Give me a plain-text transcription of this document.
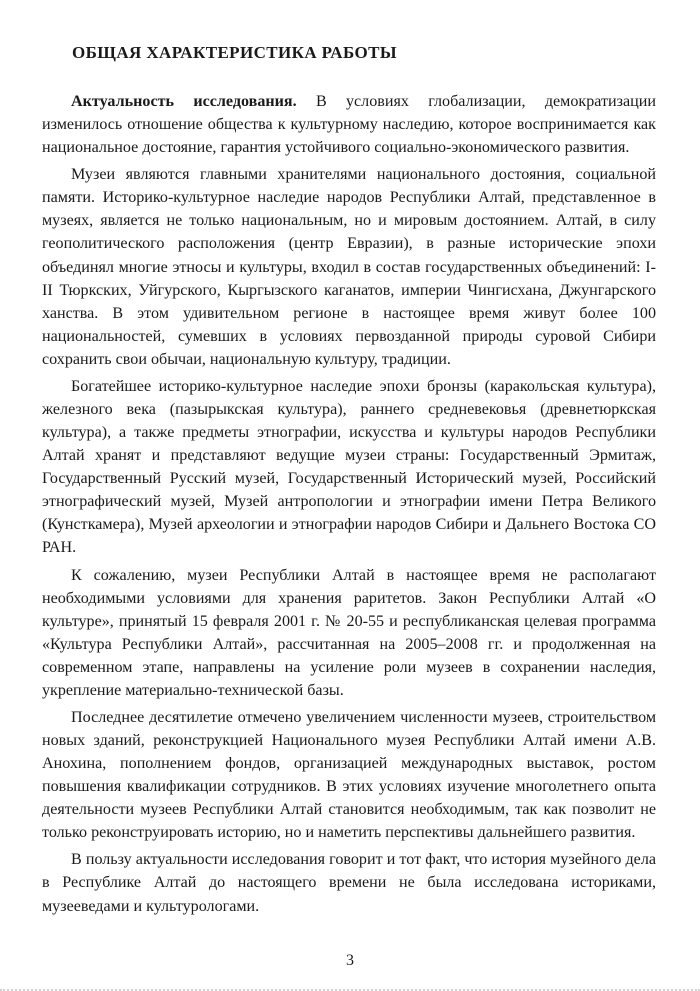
ОБЩАЯ ХАРАКТЕРИСТИКА РАБОТЫ

Актуальность исследования. В условиях глобализации, демократизации изменилось отношение общества к культурному наследию, которое воспринимается как национальное достояние, гарантия устойчивого социально-экономического развития.

Музеи являются главными хранителями национального достояния, социальной памяти. Историко-культурное наследие народов Республики Алтай, представленное в музеях, является не только национальным, но и мировым достоянием. Алтай, в силу геополитического расположения (центр Евразии), в разные исторические эпохи объединял многие этносы и культуры, входил в состав государственных объединений: I-II Тюркских, Уйгурского, Кыргызского каганатов, империи Чингисхана, Джунгарского ханства. В этом удивительном регионе в настоящее время живут более 100 национальностей, сумевших в условиях первозданной природы суровой Сибири сохранить свои обычаи, национальную культуру, традиции.

Богатейшее историко-культурное наследие эпохи бронзы (каракольская культура), железного века (пазырыкская культура), раннего средневековья (древнетюркская культура), а также предметы этнографии, искусства и культуры народов Республики Алтай хранят и представляют ведущие музеи страны: Государственный Эрмитаж, Государственный Русский музей, Государственный Исторический музей, Российский этнографический музей, Музей антропологии и этнографии имени Петра Великого (Кунсткамера), Музей археологии и этнографии народов Сибири и Дальнего Востока СО РАН.

К сожалению, музеи Республики Алтай в настоящее время не располагают необходимыми условиями для хранения раритетов. Закон Республики Алтай «О культуре», принятый 15 февраля 2001 г. № 20-55 и республиканская целевая программа «Культура Республики Алтай», рассчитанная на 2005–2008 гг. и продолженная на современном этапе, направлены на усиление роли музеев в сохранении наследия, укрепление материально-технической базы.

Последнее десятилетие отмечено увеличением численности музеев, строительством новых зданий, реконструкцией Национального музея Республики Алтай имени А.В. Анохина, пополнением фондов, организацией международных выставок, ростом повышения квалификации сотрудников. В этих условиях изучение многолетнего опыта деятельности музеев Республики Алтай становится необходимым, так как позволит не только реконструировать историю, но и наметить перспективы дальнейшего развития.

В пользу актуальности исследования говорит и тот факт, что история музейного дела в Республике Алтай до настоящего времени не была исследована историками, музееведами и культурологами.

3
